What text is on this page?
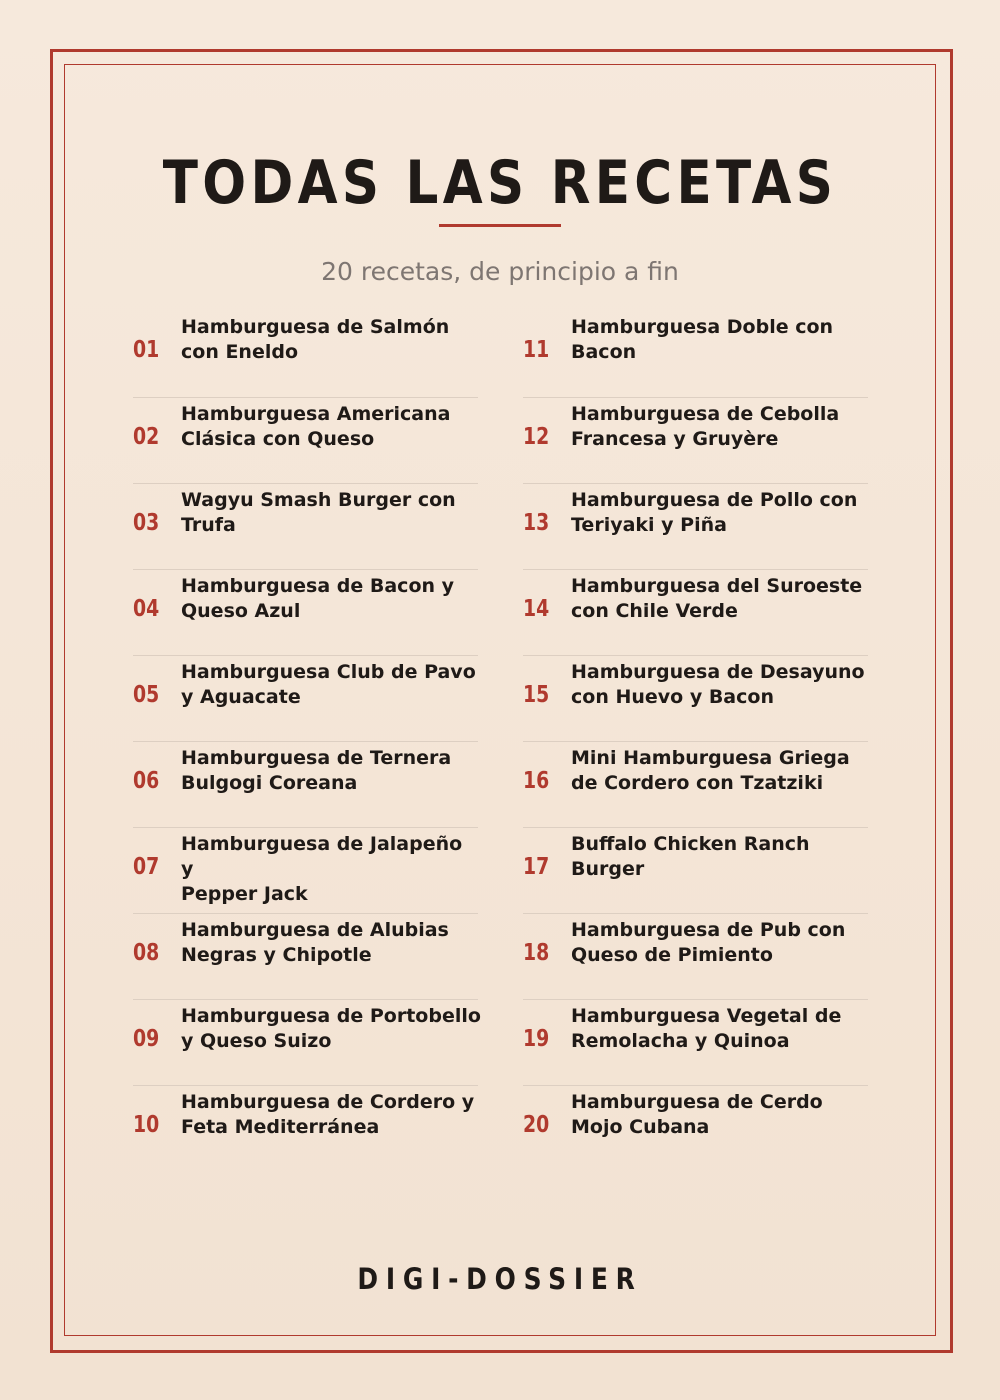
TODAS LAS RECETAS
20 recetas, de principio a fin
01
Hamburguesa de Salmón
con Eneldo
02
Hamburguesa Americana
Clásica con Queso
03
Wagyu Smash Burger con
Trufa
04
Hamburguesa de Bacon y
Queso Azul
05
Hamburguesa Club de Pavo
y Aguacate
06
Hamburguesa de Ternera
Bulgogi Coreana
07
Hamburguesa de Jalapeño y
Pepper Jack
08
Hamburguesa de Alubias
Negras y Chipotle
09
Hamburguesa de Portobello
y Queso Suizo
10
Hamburguesa de Cordero y
Feta Mediterránea
11
Hamburguesa Doble con
Bacon
12
Hamburguesa de Cebolla
Francesa y Gruyère
13
Hamburguesa de Pollo con
Teriyaki y Piña
14
Hamburguesa del Suroeste
con Chile Verde
15
Hamburguesa de Desayuno
con Huevo y Bacon
16
Mini Hamburguesa Griega
de Cordero con Tzatziki
17
Buffalo Chicken Ranch
Burger
18
Hamburguesa de Pub con
Queso de Pimiento
19
Hamburguesa Vegetal de
Remolacha y Quinoa
20
Hamburguesa de Cerdo
Mojo Cubana
DIGI-DOSSIER
